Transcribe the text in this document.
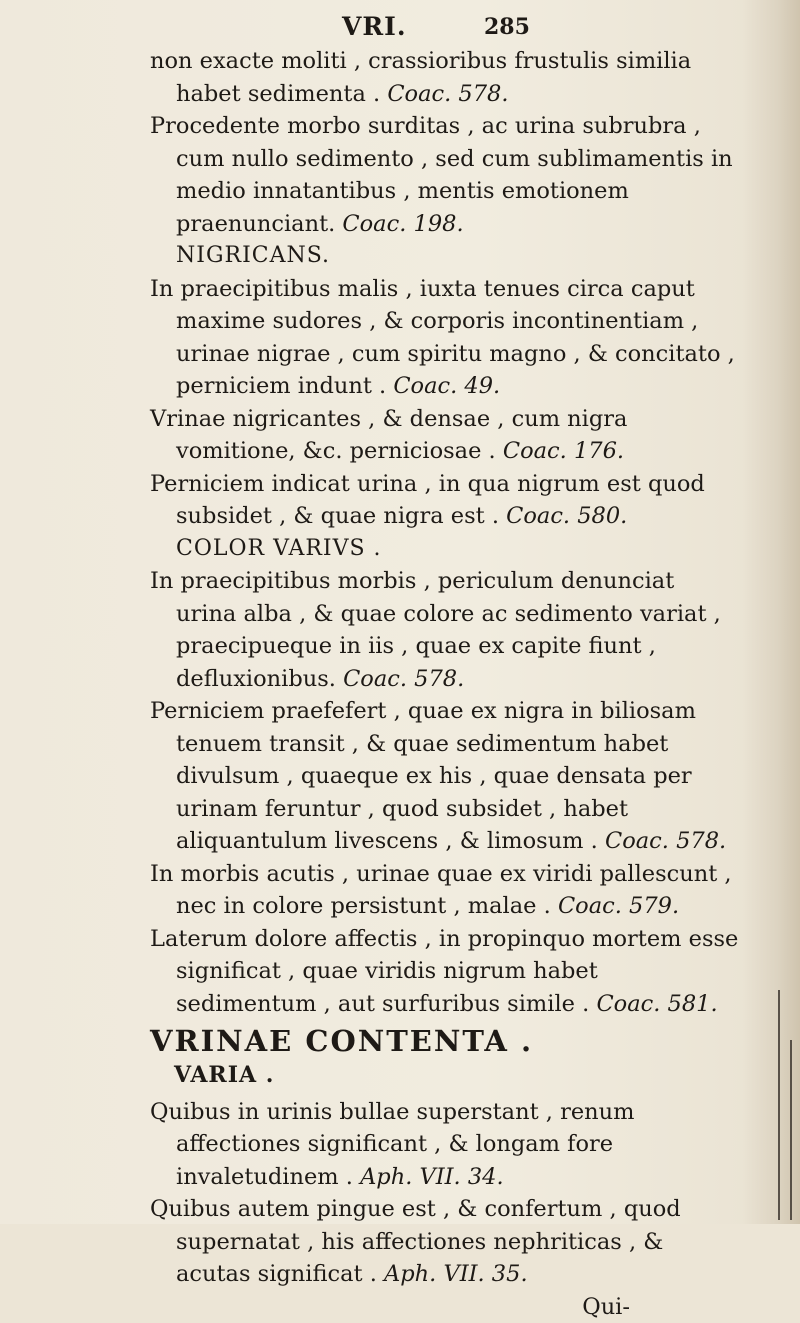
VRI.	285

non exacte moliti , crassioribus frustulis similia habet sedimenta . Coac. 578.

Procedente morbo surditas , ac urina subrubra , cum nullo sedimento , sed cum sublimamentis in medio innatantibus , mentis emotionem praenunciant. Coac. 198.

NIGRICANS.

In praecipitibus malis , iuxta tenues circa caput maxime sudores , & corporis incontinentiam , urinae nigrae , cum spiritu magno , & concitato , perniciem indunt . Coac. 49.

Vrinae nigricantes , & densae , cum nigra vomitione, &c. perniciosae . Coac. 176.

Perniciem indicat urina , in qua nigrum est quod subsidet , & quae nigra est . Coac. 580.

COLOR VARIVS .

In praecipitibus morbis , periculum denunciat urina alba , & quae colore ac sedimento variat , praecipueque in iis , quae ex capite fiunt , defluxionibus. Coac. 578.

Perniciem praefefert , quae ex nigra in biliosam tenuem transit , & quae sedimentum habet divulsum , quaeque ex his , quae densata per urinam feruntur , quod subsidet , habet aliquantulum livescens , & limosum . Coac. 578.

In morbis acutis , urinae quae ex viridi pallescunt , nec in colore persistunt , malae . Coac. 579.

Laterum dolore affectis , in propinquo mortem esse significat , quae viridis nigrum habet sedimentum , aut surfuribus simile . Coac. 581.

VRINAE CONTENTA .

VARIA .

Quibus in urinis bullae superstant , renum affectiones significant , & longam fore invaletudinem . Aph. VII. 34.

Quibus autem pingue est , & confertum , quod supernatat , his affectiones nephriticas , & acutas significat . Aph. VII. 35.

Qui-
